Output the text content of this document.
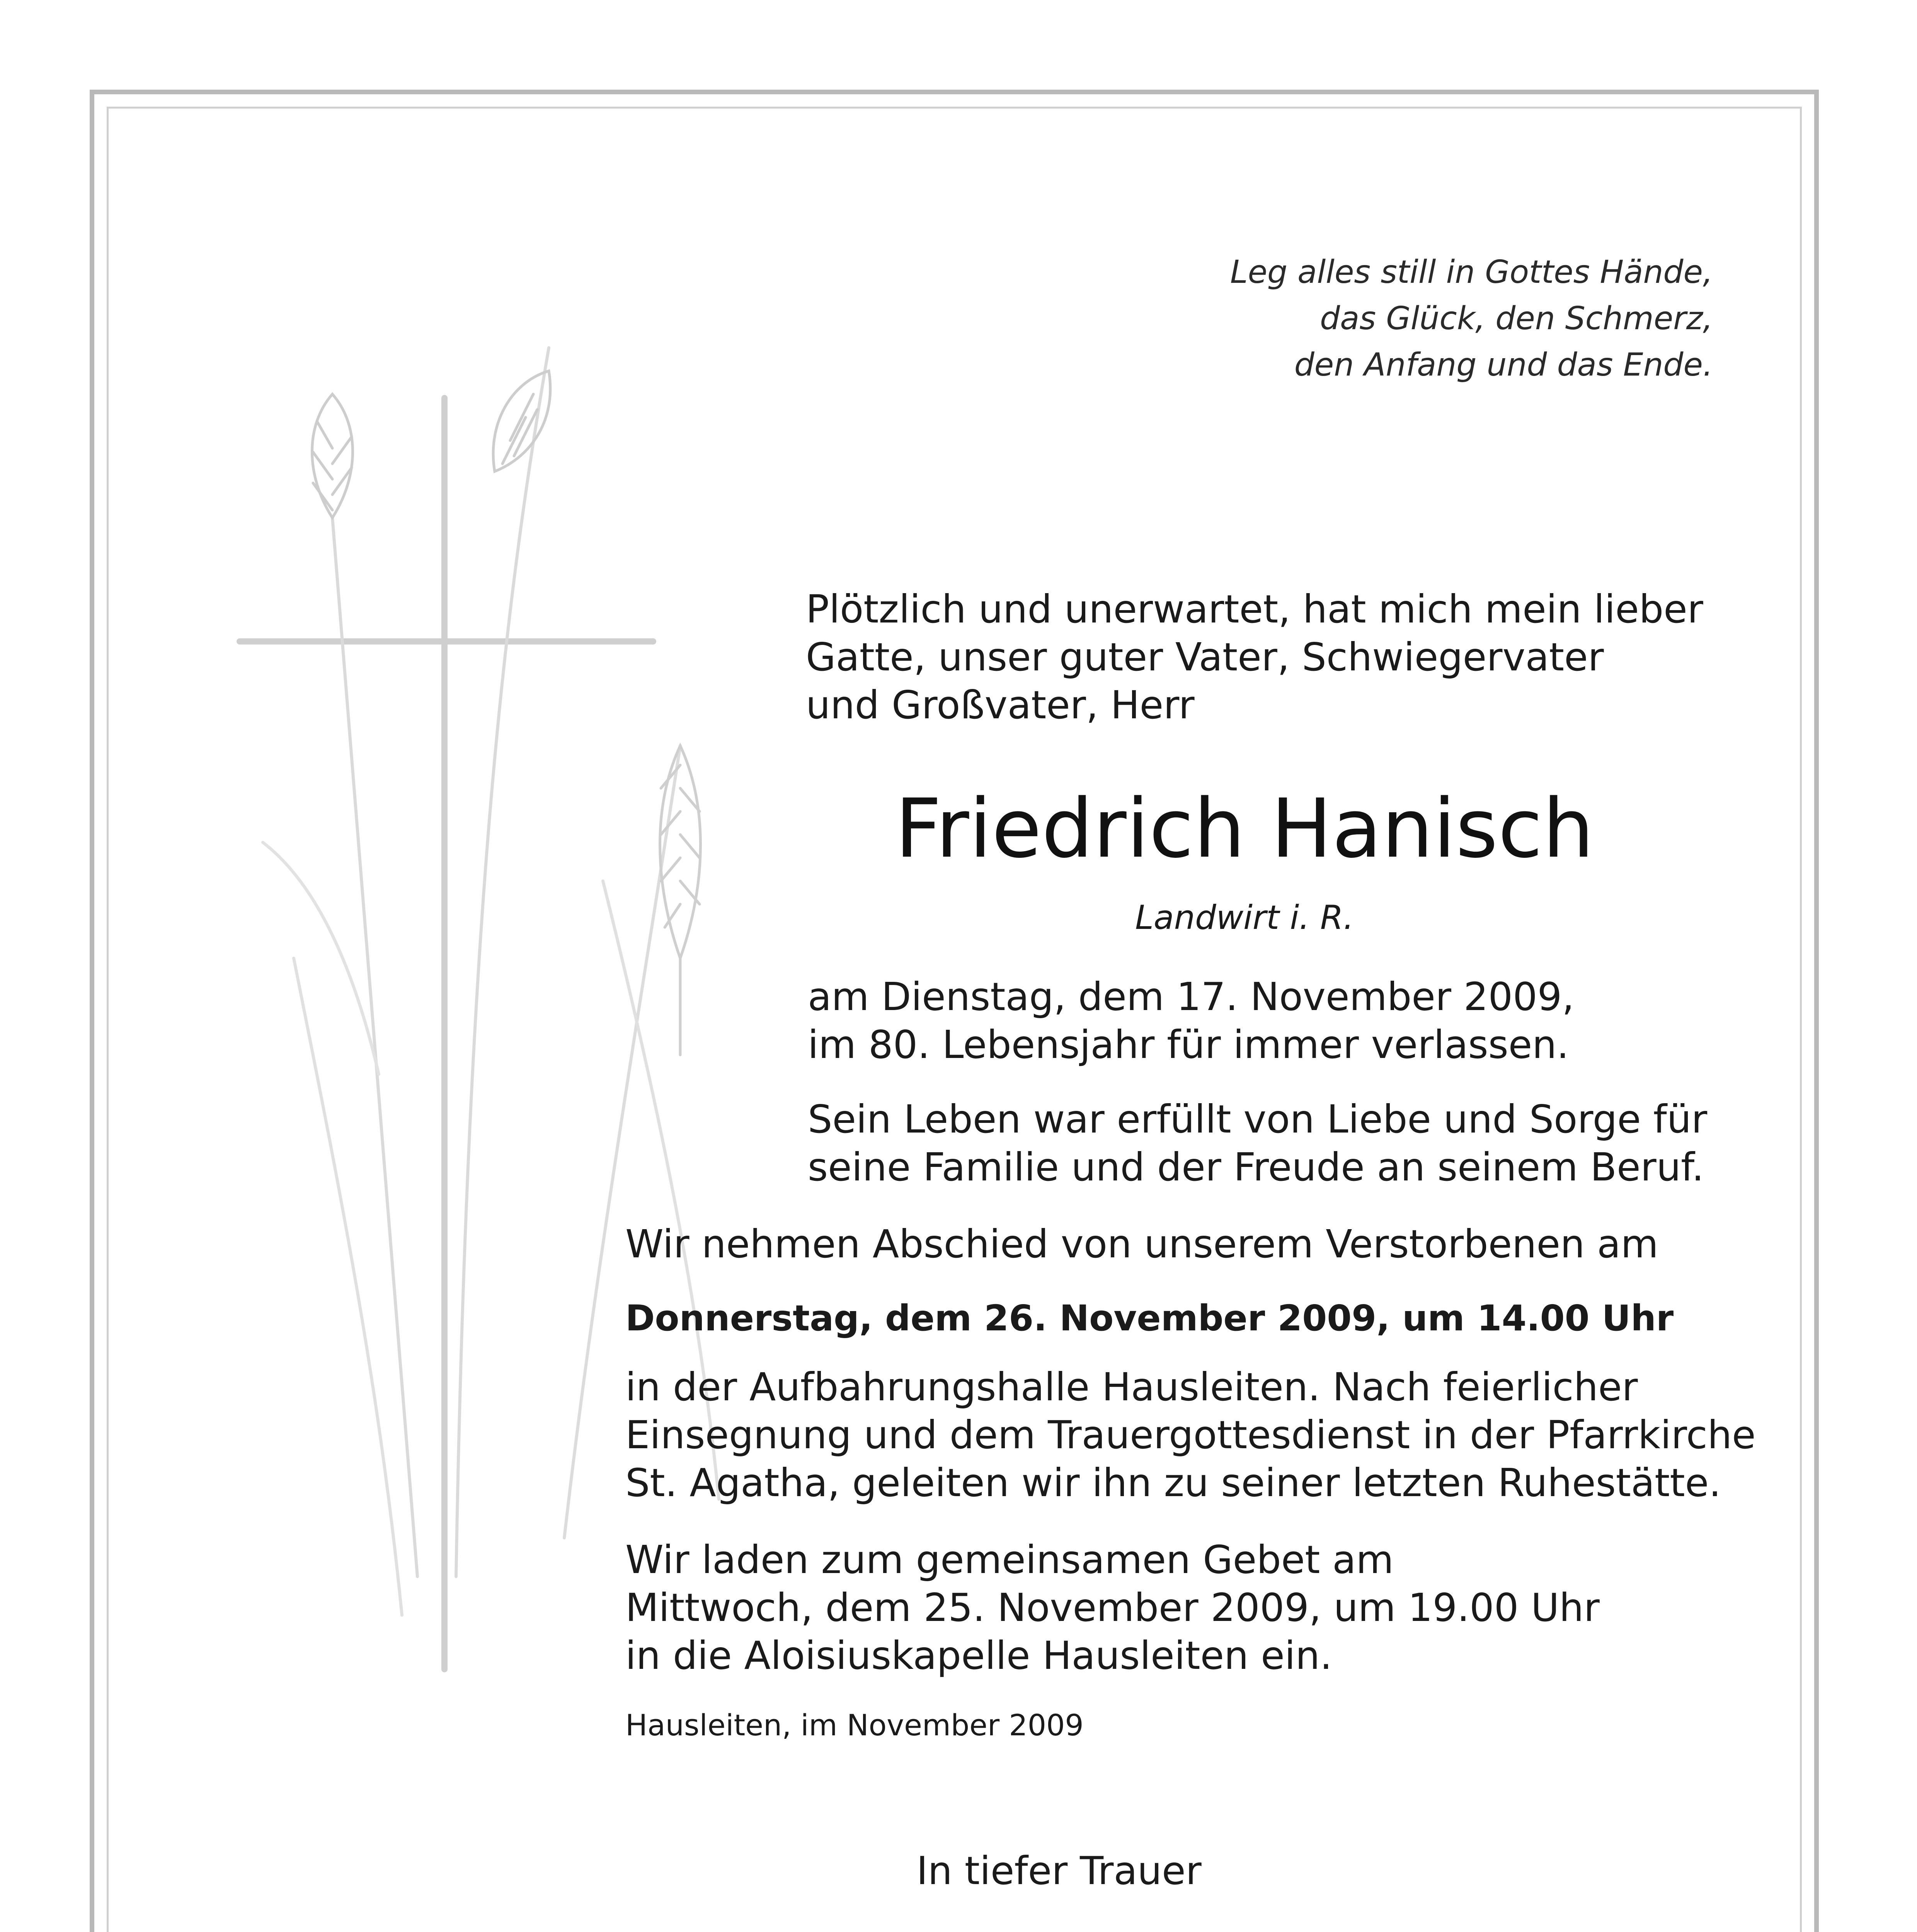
Leg alles still in Gottes Hände,
das Glück, den Schmerz,
den Anfang und das Ende.
Plötzlich und unerwartet, hat mich mein lieber
Gatte, unser guter Vater, Schwiegervater
und Großvater, Herr
Friedrich Hanisch
Landwirt i. R.
am Dienstag, dem 17. November 2009,
im 80. Lebensjahr für immer verlassen.
Sein Leben war erfüllt von Liebe und Sorge für
seine Familie und der Freude an seinem Beruf.
Wir nehmen Abschied von unserem Verstorbenen am
Donnerstag, dem 26. November 2009, um 14.00 Uhr
in der Aufbahrungshalle Hausleiten. Nach feierlicher
Einsegnung und dem Trauergottesdienst in der Pfarrkirche
St. Agatha, geleiten wir ihn zu seiner letzten Ruhestätte.
Wir laden zum gemeinsamen Gebet am
Mittwoch, dem 25. November 2009, um 19.00 Uhr
in die Aloisiuskapelle Hausleiten ein.
Hausleiten, im November 2009
In tiefer Trauer
